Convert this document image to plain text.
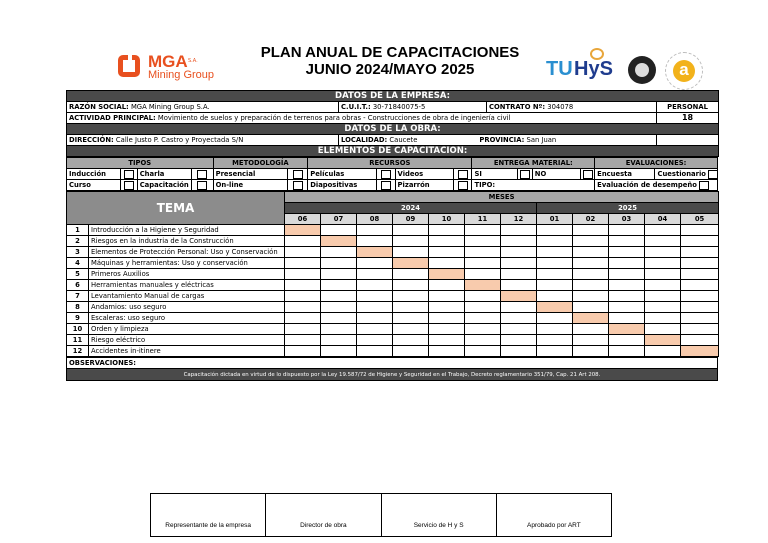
MGA S.A.
Mining Group
PLAN ANUAL DE CAPACITACIONES
JUNIO 2024/MAYO 2025	TU HyS	a
DATOS DE LA EMPRESA:			
RAZÓN SOCIAL: MGA Mining Group S.A.	C.U.I.T.: 30-71840075-5	CONTRATO Nº: 304078	PERSONAL
ACTIVIDAD PRINCIPAL: Movimiento de suelos y preparación de terrenos para obras - Construcciones de obra de ingeniería civil			18
DATOS DE LA OBRA:			
DIRECCIÓN: Calle Justo P. Castro y Proyectada S/N	LOCALIDAD: Caucete PROVINCIA: San Juan		
ELEMENTOS DE CAPACITACIÓN:			
TIPOS				METODOLOGÍA		RECURSOS				ENTREGA MATERIAL:				EVALUACIONES:	
Inducción		Charla		Presencial		Películas		Videos		SI		NO		Encuesta	Cuestionario
Curso		Capacitación		On-line		Diapositivas		Pizarrón		TIPO:				Evaluación de desempeño	
TEMA		MESES											
		2024							2025				
		06	07	08	09	10	11	12	01	02	03	04	05
1	Introducción a la Higiene y Seguridad												
2	Riesgos en la industria de la Construcción												
3	Elementos de Protección Personal: Uso y Conservación												
4	Máquinas y herramientas: Uso y conservación												
5	Primeros Auxilios												
6	Herramientas manuales y eléctricas												
7	Levantamiento Manual de cargas												
8	Andamios: uso seguro												
9	Escaleras: uso seguro												
10	Orden y limpieza												
11	Riesgo eléctrico												
12	Accidentes in-itinere												
OBSERVACIONES:
Capacitación dictada en virtud de lo dispuesto por la Ley 19.587/72 de Higiene y Seguridad en el Trabajo, Decreto reglamentario 351/79, Cap. 21 Art 208.
Representante de la empresa	Director de obra	Servicio de H y S	Aprobado por ART
